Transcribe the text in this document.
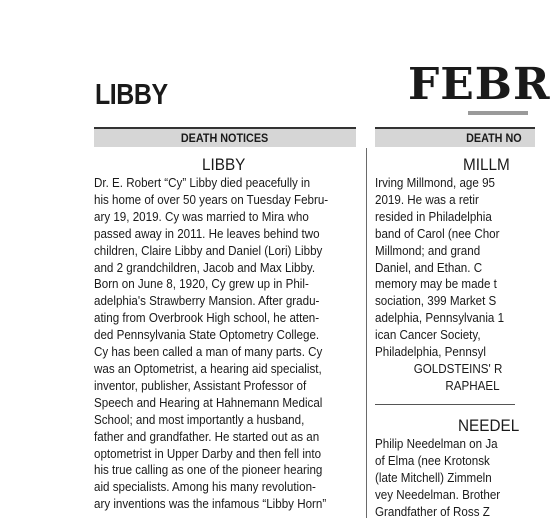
LIBBY	FEBR
DEATH NOTICES	DEATH NO
LIBBY
Dr. E. Robert “Cy” Libby died peacefully in
his home of over 50 years on Tuesday Febru-
ary 19, 2019. Cy was married to Mira who
passed away in 2011. He leaves behind two
children, Claire Libby and Daniel (Lori) Libby
and 2 grandchildren, Jacob and Max Libby.
Born on June 8, 1920, Cy grew up in Phil-
adelphia's Strawberry Mansion. After gradu-
ating from Overbrook High school, he atten-
ded Pennsylvania State Optometry College.
Cy has been called a man of many parts. Cy
was an Optometrist, a hearing aid specialist,
inventor, publisher, Assistant Professor of
Speech and Hearing at Hahnemann Medical
School; and most importantly a husband,
father and grandfather. He started out as an
optometrist in Upper Darby and then fell into
his true calling as one of the pioneer hearing
aid specialists. Among his many revolution-
ary inventions was the infamous “Libby Horn”
MILLM
Irving Millmond, age 95
2019. He was a retir
resided in Philadelphia
band of Carol (nee Chor
Millmond; and grand
Daniel, and Ethan. C
memory may be made t
sociation, 399 Market S
adelphia, Pennsylvania 1
ican Cancer Society,
Philadelphia, Pennsyl
GOLDSTEINS' R
RAPHAEL
NEEDEL
Philip Needelman on Ja
of Elma (nee Krotonsk
(late Mitchell) Zimmeln
vey Needelman. Brother
Grandfather of Ross Z
